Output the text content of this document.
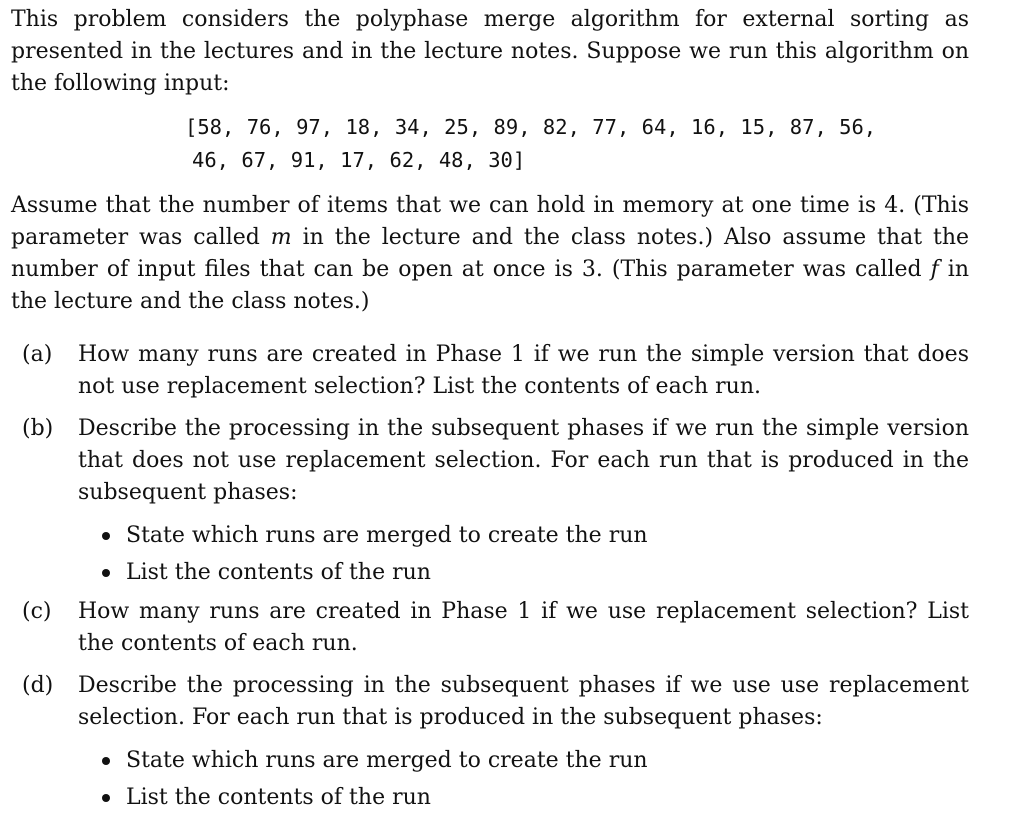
This problem considers the polyphase merge algorithm for external sorting as presented in the lectures and in the lecture notes. Suppose we run this algorithm on the following input:

[58, 76, 97, 18, 34, 25, 89, 82, 77, 64, 16, 15, 87, 56,
46, 67, 91, 17, 62, 48, 30]

Assume that the number of items that we can hold in memory at one time is 4. (This parameter was called m in the lecture and the class notes.) Also assume that the number of input files that can be open at once is 3. (This parameter was called f in the lecture and the class notes.)

(a) How many runs are created in Phase 1 if we run the simple version that does not use replacement selection? List the contents of each run.
(b) Describe the processing in the subsequent phases if we run the simple version that does not use replacement selection. For each run that is produced in the subsequent phases:
State which runs are merged to create the run
List the contents of the run
(c) How many runs are created in Phase 1 if we use replacement selection? List the contents of each run.
(d) Describe the processing in the subsequent phases if we use use replacement selection. For each run that is produced in the subsequent phases:
State which runs are merged to create the run
List the contents of the run
